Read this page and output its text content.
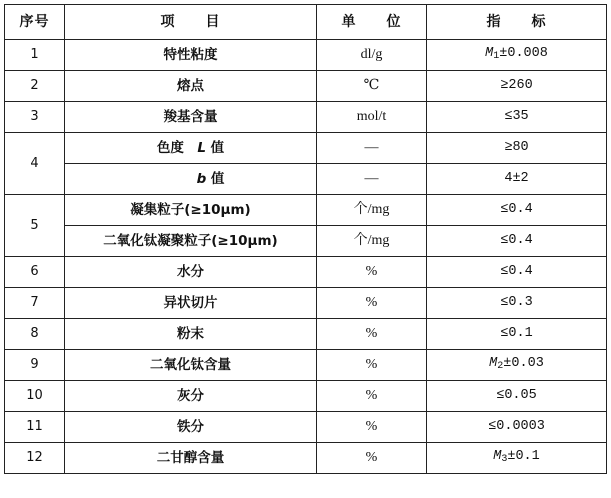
序号	项　　目	单　　位	指　　标
1	特性粘度	dl/g	$M_1\pm 0.008$
2	熔点	℃	≥260
3	羧基含量	mol/t	≤35
4	色度　L 值	—	≥80
	b 值	—	4±2
5	凝集粒子(≥10μm)	个/mg	≤0.4
	二氧化钛凝聚粒子(≥10μm)	个/mg	≤0.4
6	水分	%	≤0.4
7	异状切片	%	≤0.3
8	粉末	%	≤0.1
9	二氧化钛含量	%	$M_2\pm 0.03$
10	灰分	%	≤0.05
11	铁分	%	≤0.0003
12	二甘醇含量	%	$M_3\pm 0.1$
